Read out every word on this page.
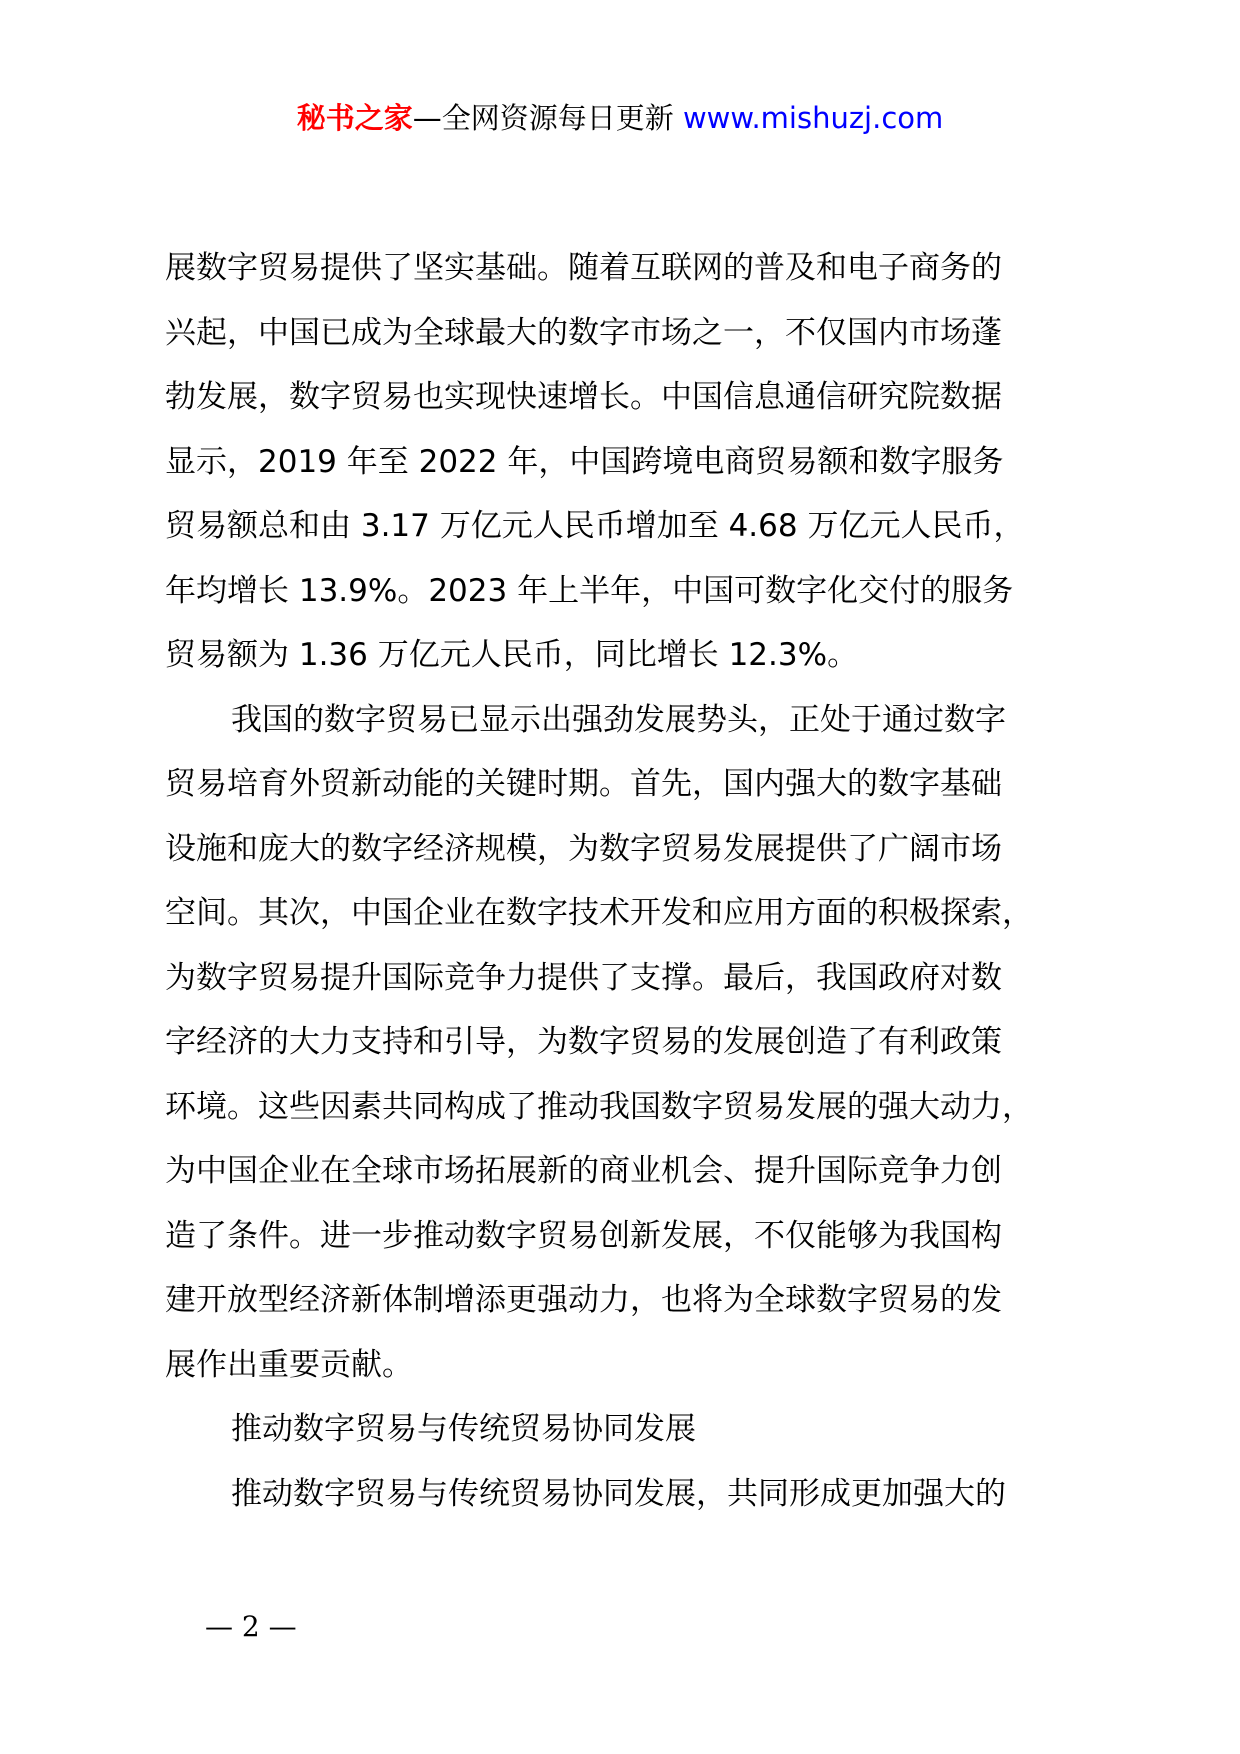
秘书之家—全网资源每日更新 www.mishuzj.com

展数字贸易提供了坚实基础。随着互联网的普及和电子商务的

兴起，中国已成为全球最大的数字市场之一，不仅国内市场蓬

勃发展，数字贸易也实现快速增长。中国信息通信研究院数据

显示，2019 年至 2022 年，中国跨境电商贸易额和数字服务

贸易额总和由 3.17 万亿元人民币增加至 4.68 万亿元人民币，

年均增长 13.9%。2023 年上半年，中国可数字化交付的服务

贸易额为 1.36 万亿元人民币，同比增长 12.3%。

我国的数字贸易已显示出强劲发展势头，正处于通过数字

贸易培育外贸新动能的关键时期。首先，国内强大的数字基础

设施和庞大的数字经济规模，为数字贸易发展提供了广阔市场

空间。其次，中国企业在数字技术开发和应用方面的积极探索，

为数字贸易提升国际竞争力提供了支撑。最后，我国政府对数

字经济的大力支持和引导，为数字贸易的发展创造了有利政策

环境。这些因素共同构成了推动我国数字贸易发展的强大动力，

为中国企业在全球市场拓展新的商业机会、提升国际竞争力创

造了条件。进一步推动数字贸易创新发展，不仅能够为我国构

建开放型经济新体制增添更强动力，也将为全球数字贸易的发

展作出重要贡献。

推动数字贸易与传统贸易协同发展

推动数字贸易与传统贸易协同发展，共同形成更加强大的

— 2 —
